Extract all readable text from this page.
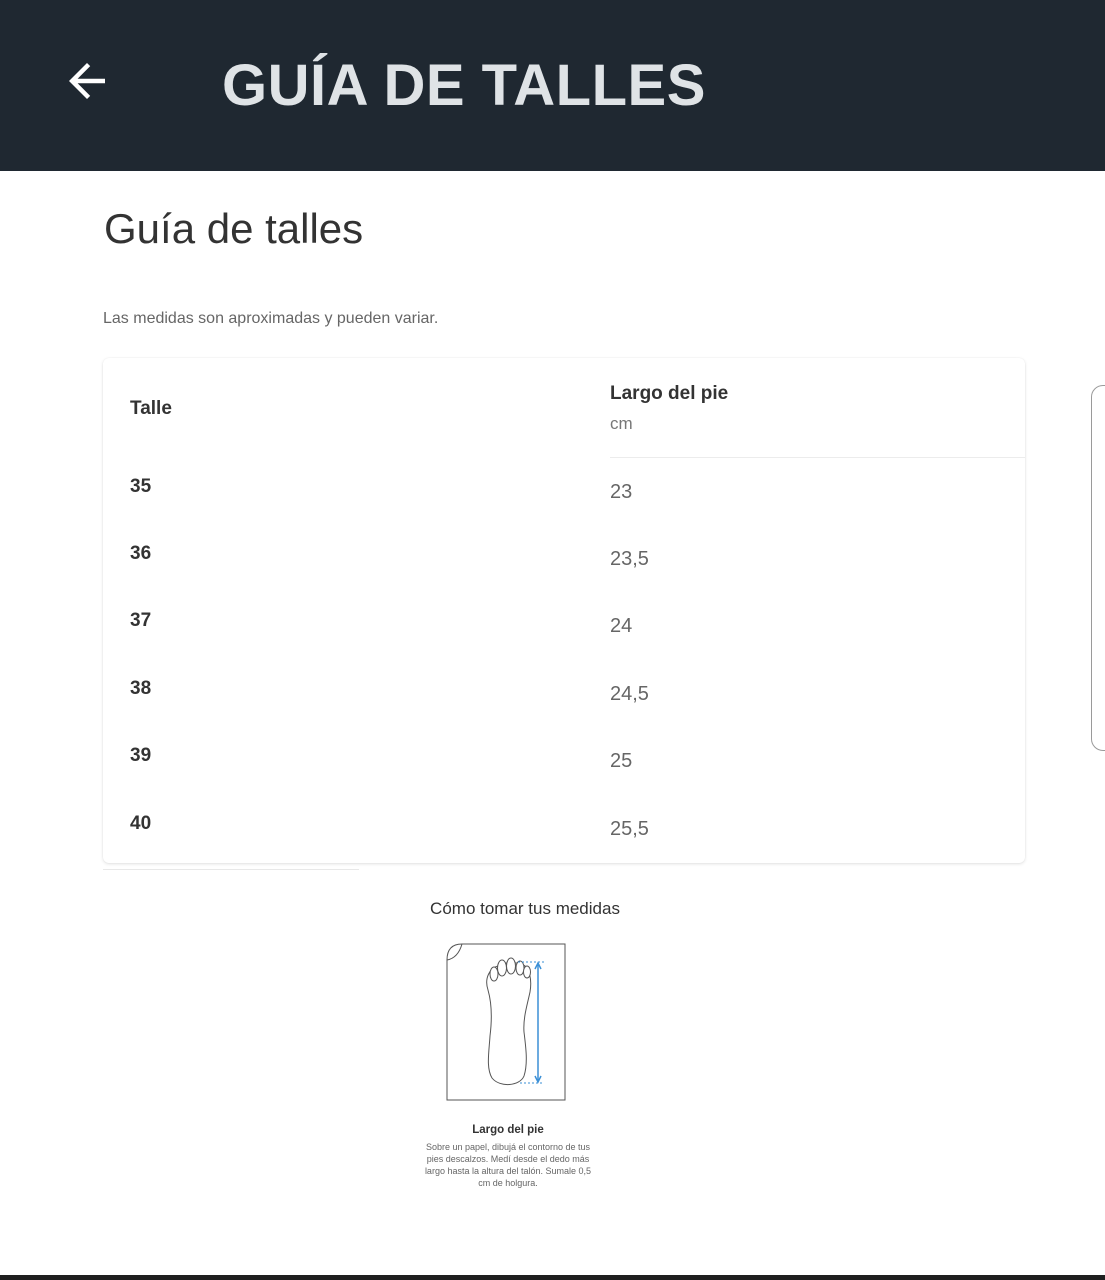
GUÍA DE TALLES
Guía de talles
Las medidas son aproximadas y pueden variar.
Talle
Largo del pie
cm
35	23
36	23,5
37	24
38	24,5
39	25
40	25,5
Cómo tomar tus medidas
Largo del pie
Sobre un papel, dibujá el contorno de tus pies descalzos. Medí desde el dedo más largo hasta la altura del talón. Sumale 0,5 cm de holgura.
